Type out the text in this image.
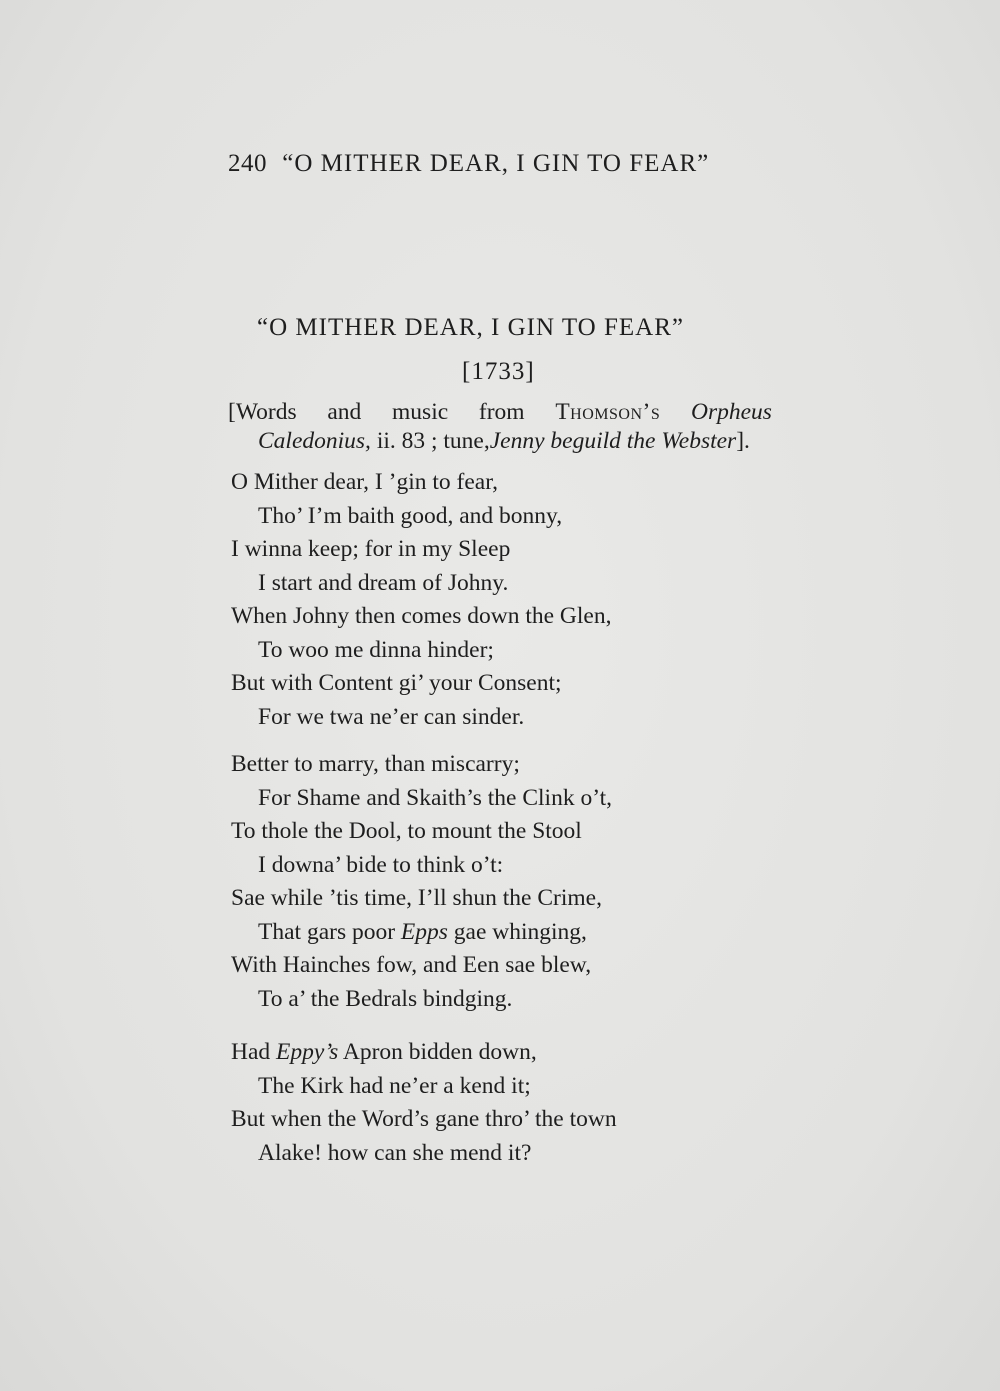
240 “O MITHER DEAR, I GIN TO FEAR”
“O MITHER DEAR, I GIN TO FEAR”
[1733]
[Words and music from Thomson’s Orpheus
Caledonius, ii. 83 ; tune,Jenny beguild the Webster].
O Mither dear, I ’gin to fear,
Tho’ I’m baith good, and bonny,
I winna keep; for in my Sleep
I start and dream of Johny.
When Johny then comes down the Glen,
To woo me dinna hinder;
But with Content gi’ your Consent;
For we twa ne’er can sinder.
Better to marry, than miscarry;
For Shame and Skaith’s the Clink o’t,
To thole the Dool, to mount the Stool
I downa’ bide to think o’t:
Sae while ’tis time, I’ll shun the Crime,
That gars poor Epps gae whinging,
With Hainches fow, and Een sae blew,
To a’ the Bedrals bindging.
Had Eppy’s Apron bidden down,
The Kirk had ne’er a kend it;
But when the Word’s gane thro’ the town
Alake! how can she mend it?
